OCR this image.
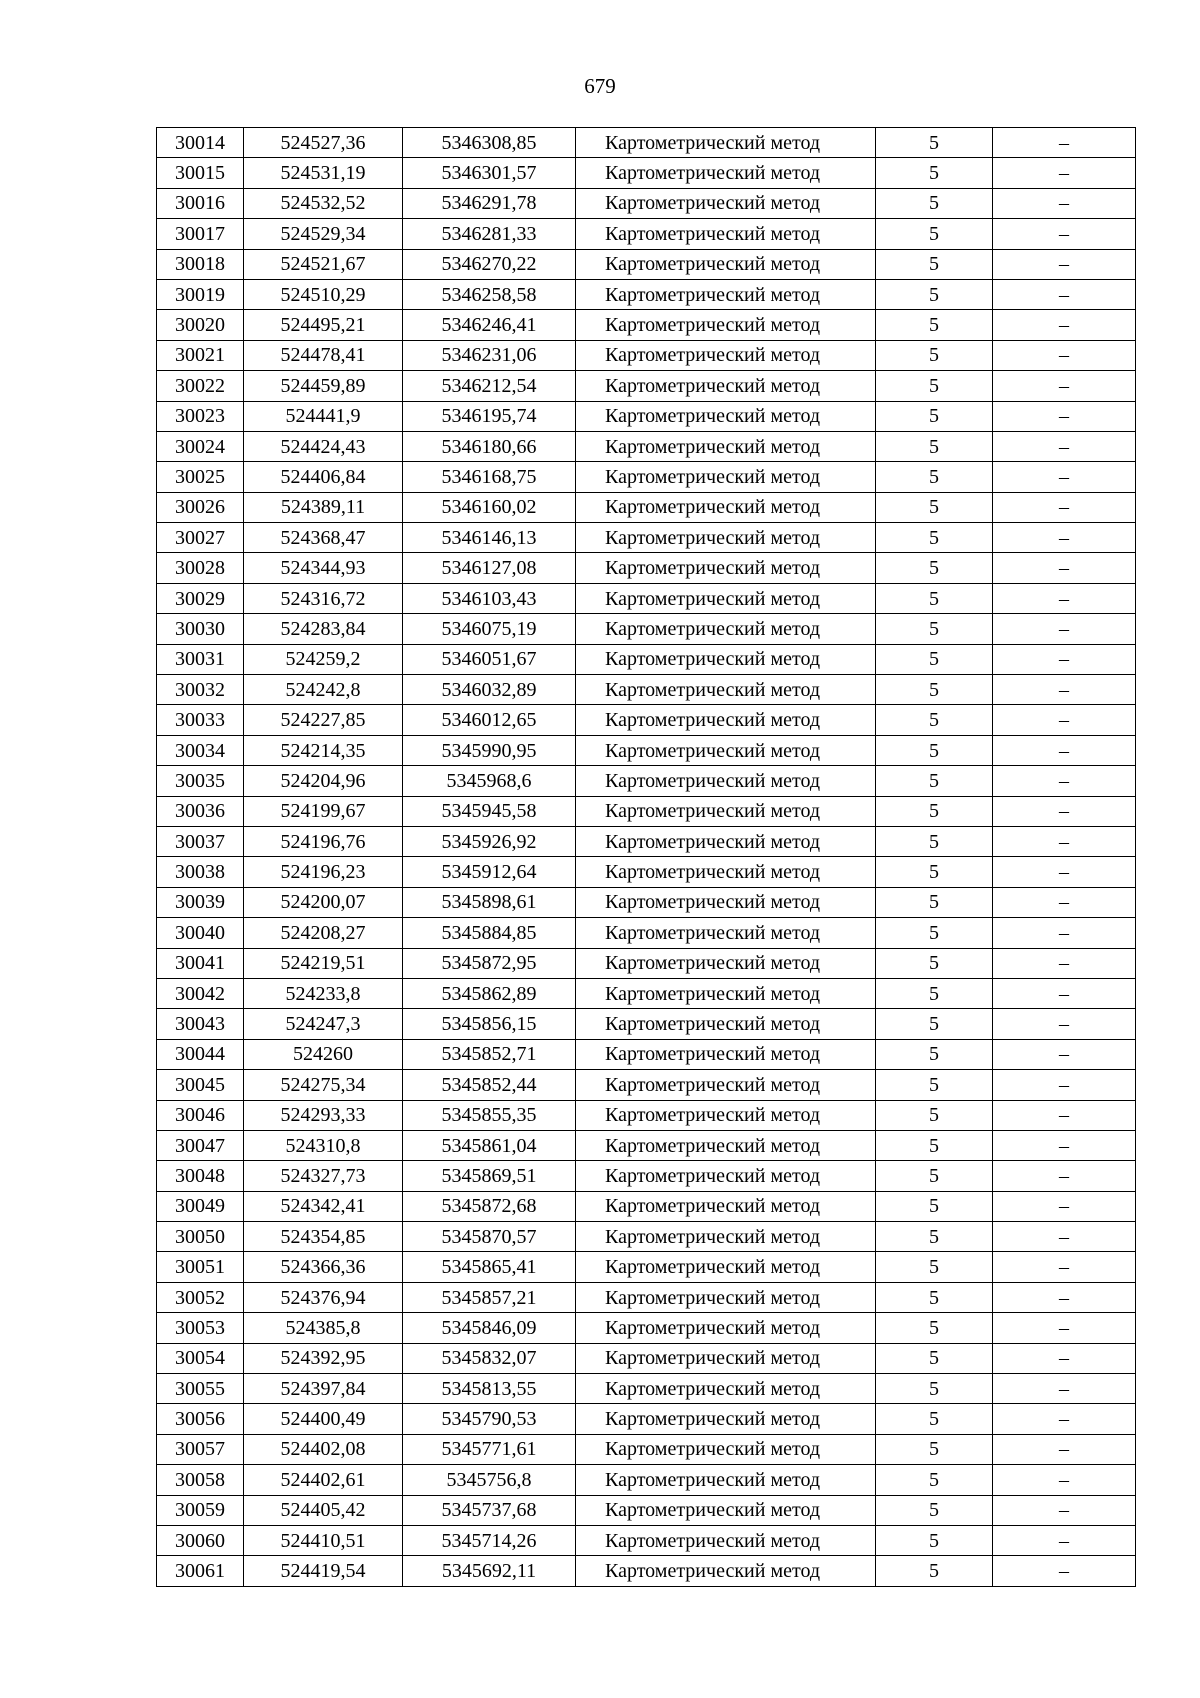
679
30014	524527,36	5346308,85	Картометрический метод	5	–
30015	524531,19	5346301,57	Картометрический метод	5	–
30016	524532,52	5346291,78	Картометрический метод	5	–
30017	524529,34	5346281,33	Картометрический метод	5	–
30018	524521,67	5346270,22	Картометрический метод	5	–
30019	524510,29	5346258,58	Картометрический метод	5	–
30020	524495,21	5346246,41	Картометрический метод	5	–
30021	524478,41	5346231,06	Картометрический метод	5	–
30022	524459,89	5346212,54	Картометрический метод	5	–
30023	524441,9	5346195,74	Картометрический метод	5	–
30024	524424,43	5346180,66	Картометрический метод	5	–
30025	524406,84	5346168,75	Картометрический метод	5	–
30026	524389,11	5346160,02	Картометрический метод	5	–
30027	524368,47	5346146,13	Картометрический метод	5	–
30028	524344,93	5346127,08	Картометрический метод	5	–
30029	524316,72	5346103,43	Картометрический метод	5	–
30030	524283,84	5346075,19	Картометрический метод	5	–
30031	524259,2	5346051,67	Картометрический метод	5	–
30032	524242,8	5346032,89	Картометрический метод	5	–
30033	524227,85	5346012,65	Картометрический метод	5	–
30034	524214,35	5345990,95	Картометрический метод	5	–
30035	524204,96	5345968,6	Картометрический метод	5	–
30036	524199,67	5345945,58	Картометрический метод	5	–
30037	524196,76	5345926,92	Картометрический метод	5	–
30038	524196,23	5345912,64	Картометрический метод	5	–
30039	524200,07	5345898,61	Картометрический метод	5	–
30040	524208,27	5345884,85	Картометрический метод	5	–
30041	524219,51	5345872,95	Картометрический метод	5	–
30042	524233,8	5345862,89	Картометрический метод	5	–
30043	524247,3	5345856,15	Картометрический метод	5	–
30044	524260	5345852,71	Картометрический метод	5	–
30045	524275,34	5345852,44	Картометрический метод	5	–
30046	524293,33	5345855,35	Картометрический метод	5	–
30047	524310,8	5345861,04	Картометрический метод	5	–
30048	524327,73	5345869,51	Картометрический метод	5	–
30049	524342,41	5345872,68	Картометрический метод	5	–
30050	524354,85	5345870,57	Картометрический метод	5	–
30051	524366,36	5345865,41	Картометрический метод	5	–
30052	524376,94	5345857,21	Картометрический метод	5	–
30053	524385,8	5345846,09	Картометрический метод	5	–
30054	524392,95	5345832,07	Картометрический метод	5	–
30055	524397,84	5345813,55	Картометрический метод	5	–
30056	524400,49	5345790,53	Картометрический метод	5	–
30057	524402,08	5345771,61	Картометрический метод	5	–
30058	524402,61	5345756,8	Картометрический метод	5	–
30059	524405,42	5345737,68	Картометрический метод	5	–
30060	524410,51	5345714,26	Картометрический метод	5	–
30061	524419,54	5345692,11	Картометрический метод	5	–
